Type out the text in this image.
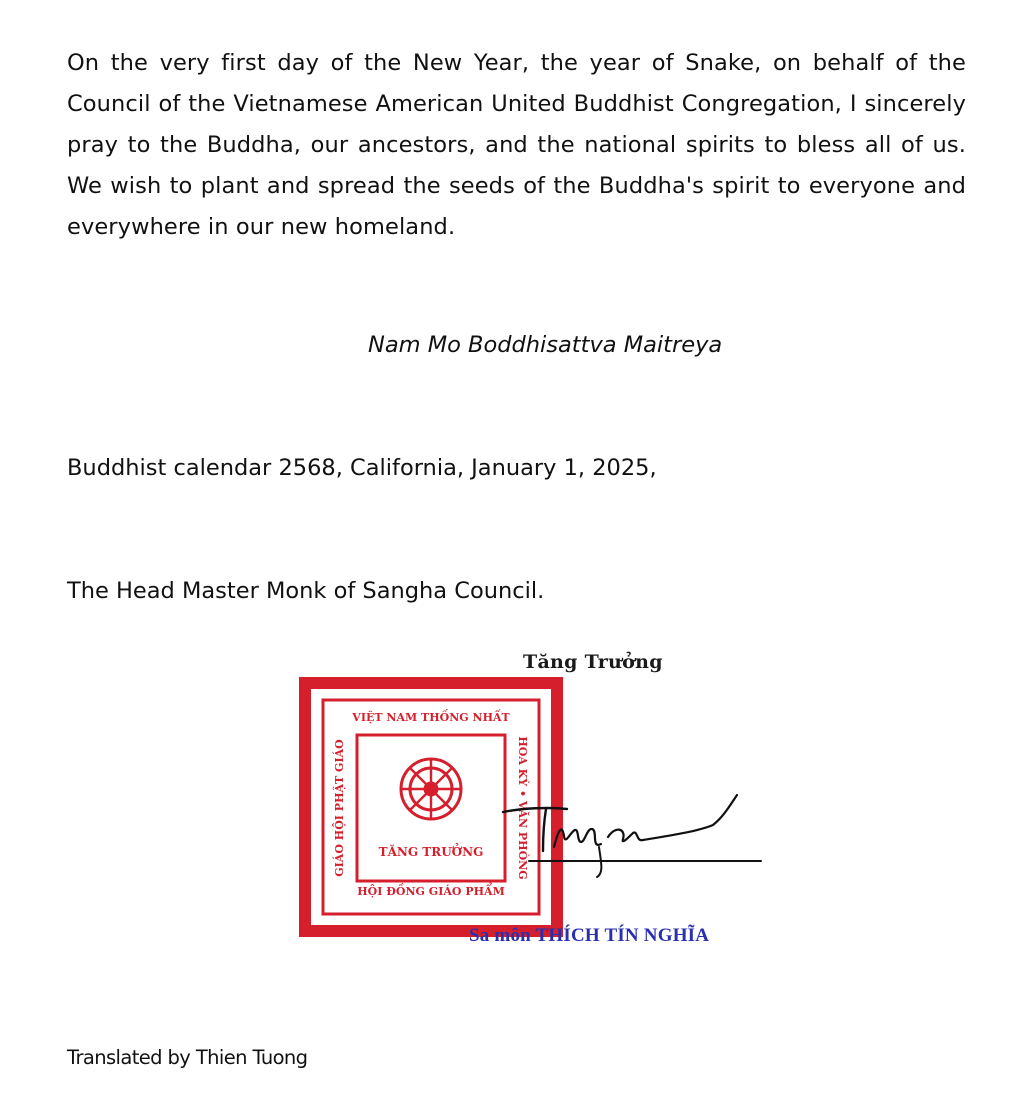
On the very first day of the New Year, the year of Snake, on behalf of the Council of the Vietnamese American United Buddhist Congregation, I sincerely pray to the Buddha, our ancestors, and the national spirits to bless all of us. We wish to plant and spread the seeds of the Buddha's spirit to everyone and everywhere in our new homeland.
Nam Mo Boddhisattva Maitreya
Buddhist calendar 2568, California, January 1, 2025,
The Head Master Monk of Sangha Council.
VIỆT NAM THỐNG NHẤT
HỘI ĐỒNG GIÁO PHẨM
GIÁO HỘI PHẬT GIÁO	HOA KỲ • VĂN PHÒNG
TĂNG TRƯỞNG
Tăng Trưởng
Sa môn THÍCH TÍN NGHĨA
Translated by Thien Tuong
